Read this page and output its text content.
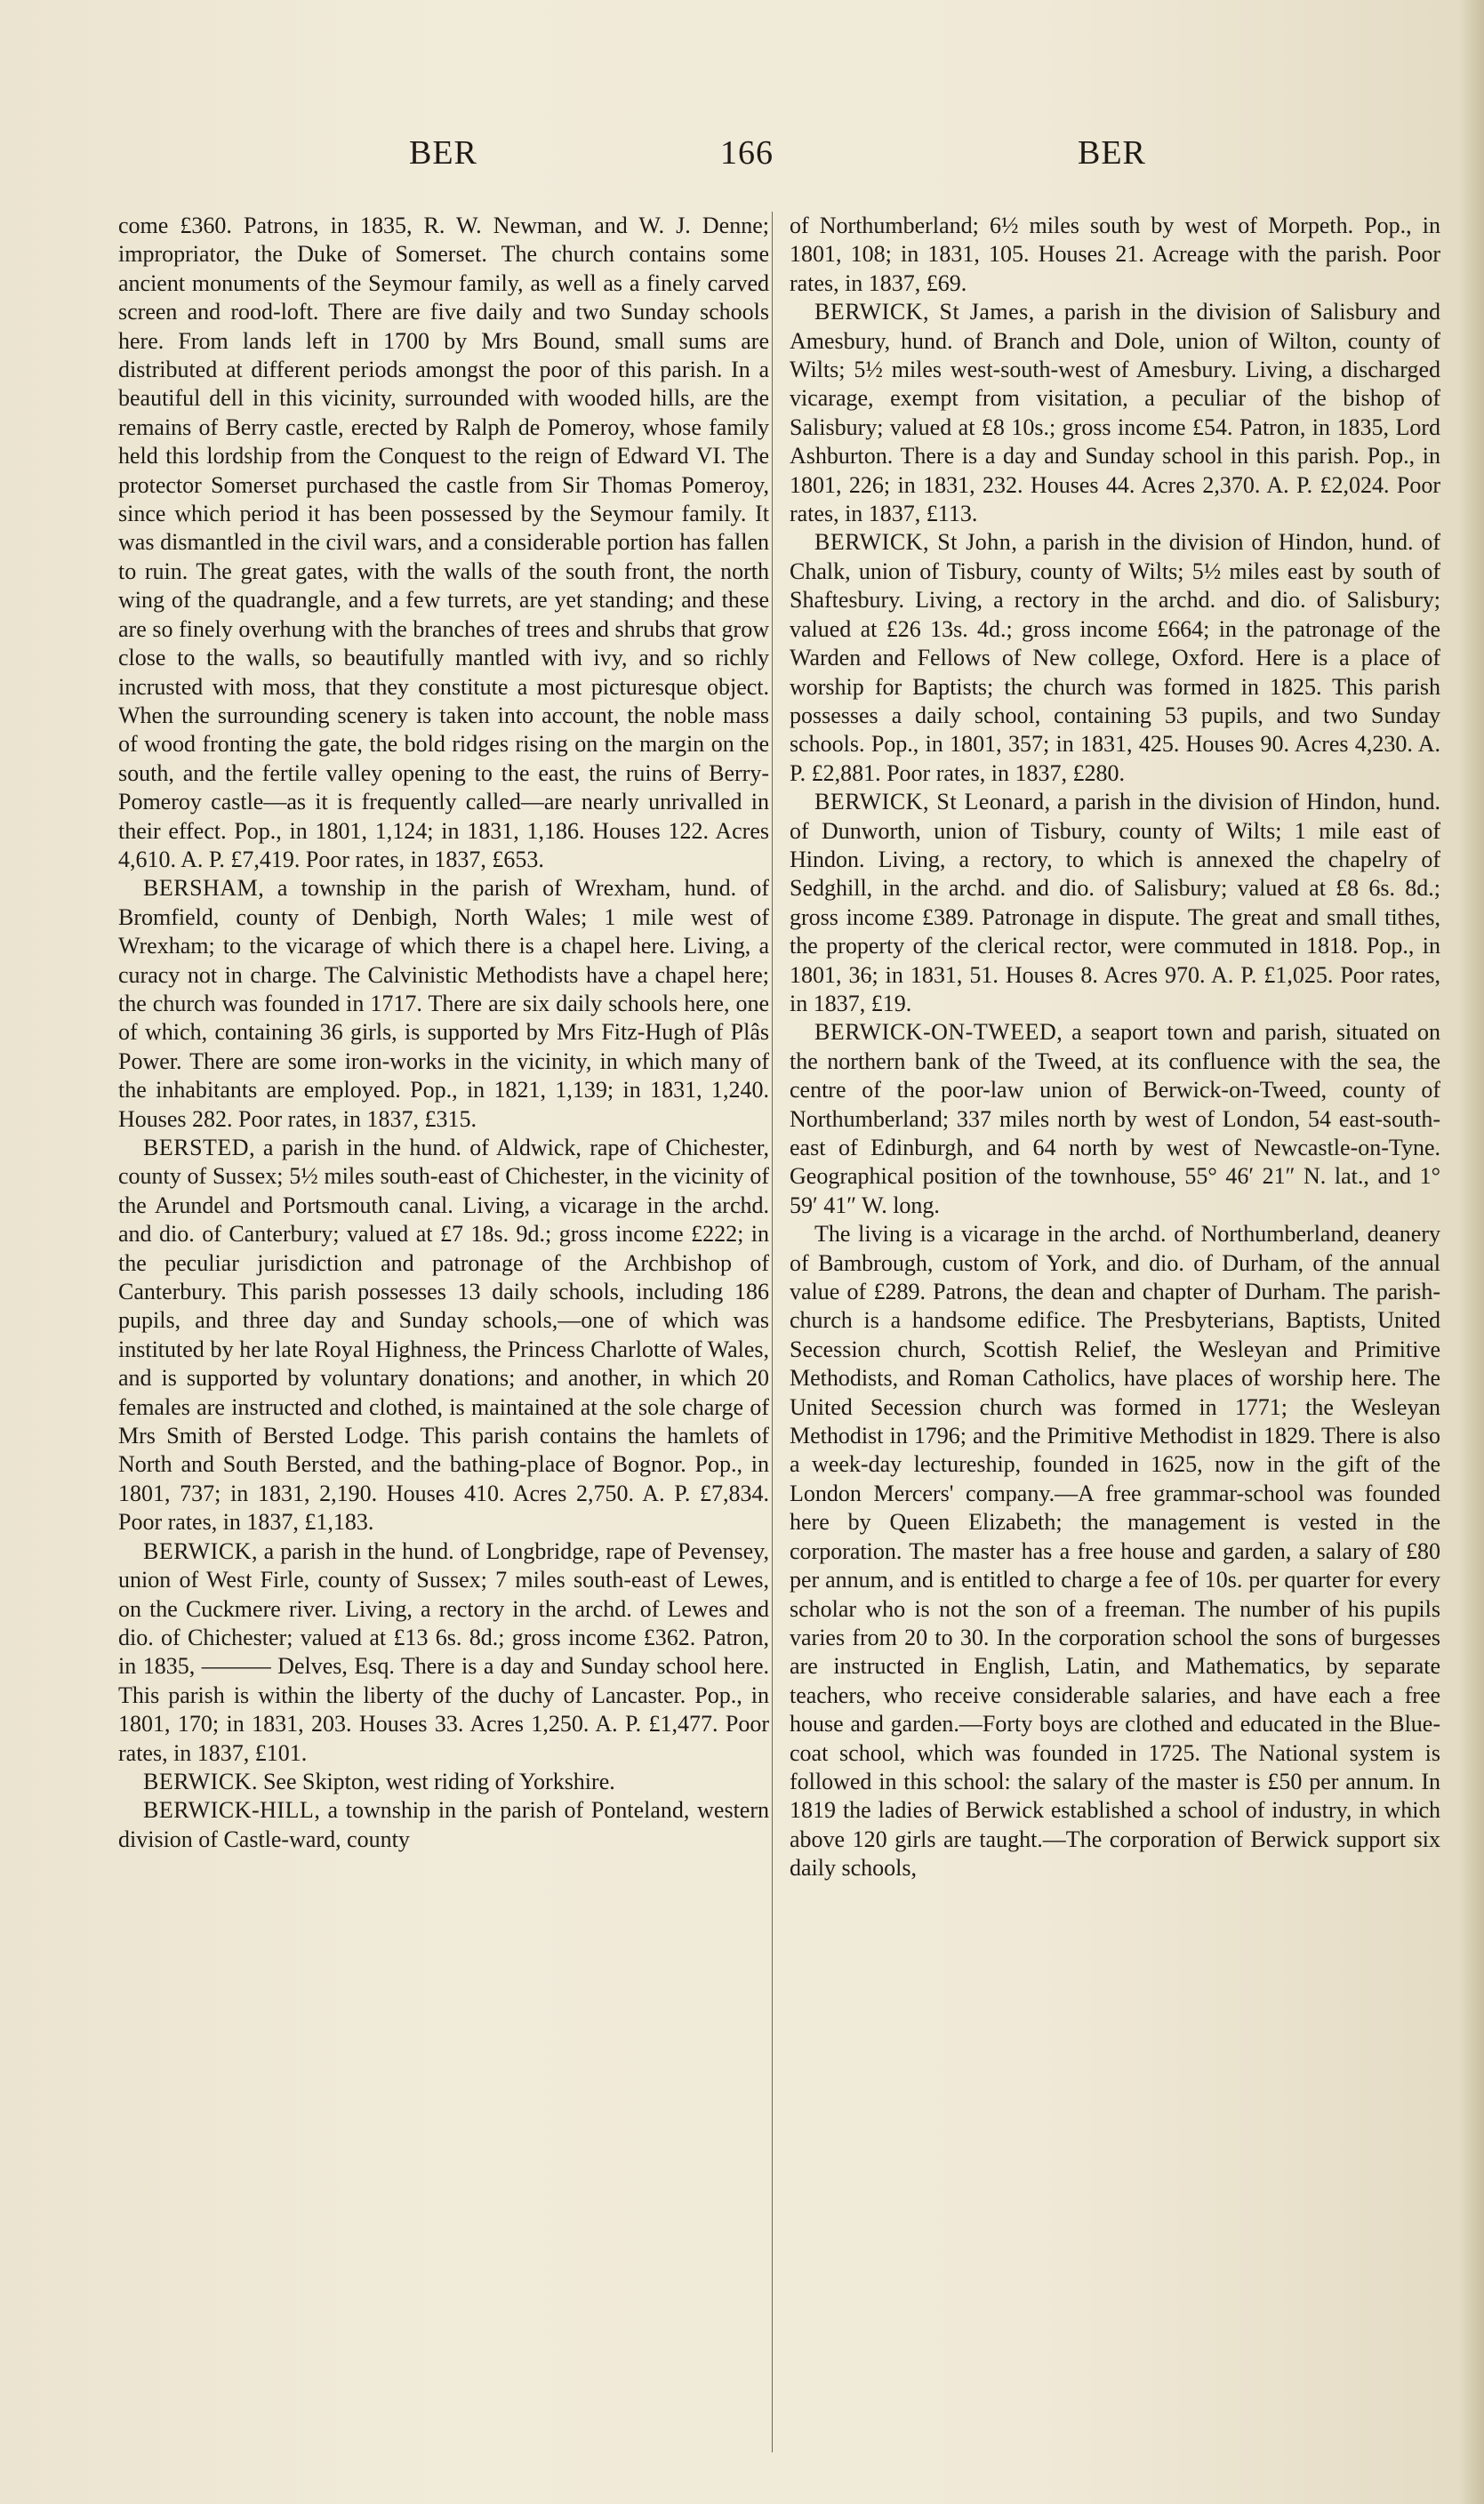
BER	166	BER

come £360. Patrons, in 1835, R. W. Newman, and W. J. Denne; impropriator, the Duke of Somerset. The church contains some ancient monuments of the Seymour family, as well as a finely carved screen and rood-loft. There are five daily and two Sunday schools here. From lands left in 1700 by Mrs Bound, small sums are distributed at different periods amongst the poor of this parish. In a beautiful dell in this vicinity, surrounded with wooded hills, are the remains of Berry castle, erected by Ralph de Pomeroy, whose family held this lordship from the Conquest to the reign of Edward VI. The protector Somerset purchased the castle from Sir Thomas Pomeroy, since which period it has been possessed by the Seymour family. It was dismantled in the civil wars, and a considerable portion has fallen to ruin. The great gates, with the walls of the south front, the north wing of the quadrangle, and a few turrets, are yet standing; and these are so finely overhung with the branches of trees and shrubs that grow close to the walls, so beautifully mantled with ivy, and so richly incrusted with moss, that they constitute a most picturesque object. When the surrounding scenery is taken into account, the noble mass of wood fronting the gate, the bold ridges rising on the margin on the south, and the fertile valley opening to the east, the ruins of Berry-Pomeroy castle—as it is frequently called—are nearly unrivalled in their effect. Pop., in 1801, 1,124; in 1831, 1,186. Houses 122. Acres 4,610. A. P. £7,419. Poor rates, in 1837, £653.

BERSHAM, a township in the parish of Wrexham, hund. of Bromfield, county of Denbigh, North Wales; 1 mile west of Wrexham; to the vicarage of which there is a chapel here. Living, a curacy not in charge. The Calvinistic Methodists have a chapel here; the church was founded in 1717. There are six daily schools here, one of which, containing 36 girls, is supported by Mrs Fitz-Hugh of Plâs Power. There are some iron-works in the vicinity, in which many of the inhabitants are employed. Pop., in 1821, 1,139; in 1831, 1,240. Houses 282. Poor rates, in 1837, £315.

BERSTED, a parish in the hund. of Aldwick, rape of Chichester, county of Sussex; 5½ miles south-east of Chichester, in the vicinity of the Arundel and Portsmouth canal. Living, a vicarage in the archd. and dio. of Canterbury; valued at £7 18s. 9d.; gross income £222; in the peculiar jurisdiction and patronage of the Archbishop of Canterbury. This parish possesses 13 daily schools, including 186 pupils, and three day and Sunday schools,—one of which was instituted by her late Royal Highness, the Princess Charlotte of Wales, and is supported by voluntary donations; and another, in which 20 females are instructed and clothed, is maintained at the sole charge of Mrs Smith of Bersted Lodge. This parish contains the hamlets of North and South Bersted, and the bathing-place of Bognor. Pop., in 1801, 737; in 1831, 2,190. Houses 410. Acres 2,750. A. P. £7,834. Poor rates, in 1837, £1,183.

BERWICK, a parish in the hund. of Longbridge, rape of Pevensey, union of West Firle, county of Sussex; 7 miles south-east of Lewes, on the Cuckmere river. Living, a rectory in the archd. of Lewes and dio. of Chichester; valued at £13 6s. 8d.; gross income £362. Patron, in 1835, ——— Delves, Esq. There is a day and Sunday school here. This parish is within the liberty of the duchy of Lancaster. Pop., in 1801, 170; in 1831, 203. Houses 33. Acres 1,250. A. P. £1,477. Poor rates, in 1837, £101.

BERWICK. See Skipton, west riding of Yorkshire.

BERWICK-HILL, a township in the parish of Ponteland, western division of Castle-ward, county

of Northumberland; 6½ miles south by west of Morpeth. Pop., in 1801, 108; in 1831, 105. Houses 21. Acreage with the parish. Poor rates, in 1837, £69.

BERWICK, St James, a parish in the division of Salisbury and Amesbury, hund. of Branch and Dole, union of Wilton, county of Wilts; 5½ miles west-south-west of Amesbury. Living, a discharged vicarage, exempt from visitation, a peculiar of the bishop of Salisbury; valued at £8 10s.; gross income £54. Patron, in 1835, Lord Ashburton. There is a day and Sunday school in this parish. Pop., in 1801, 226; in 1831, 232. Houses 44. Acres 2,370. A. P. £2,024. Poor rates, in 1837, £113.

BERWICK, St John, a parish in the division of Hindon, hund. of Chalk, union of Tisbury, county of Wilts; 5½ miles east by south of Shaftesbury. Living, a rectory in the archd. and dio. of Salisbury; valued at £26 13s. 4d.; gross income £664; in the patronage of the Warden and Fellows of New college, Oxford. Here is a place of worship for Baptists; the church was formed in 1825. This parish possesses a daily school, containing 53 pupils, and two Sunday schools. Pop., in 1801, 357; in 1831, 425. Houses 90. Acres 4,230. A. P. £2,881. Poor rates, in 1837, £280.

BERWICK, St Leonard, a parish in the division of Hindon, hund. of Dunworth, union of Tisbury, county of Wilts; 1 mile east of Hindon. Living, a rectory, to which is annexed the chapelry of Sedghill, in the archd. and dio. of Salisbury; valued at £8 6s. 8d.; gross income £389. Patronage in dispute. The great and small tithes, the property of the clerical rector, were commuted in 1818. Pop., in 1801, 36; in 1831, 51. Houses 8. Acres 970. A. P. £1,025. Poor rates, in 1837, £19.

BERWICK-ON-TWEED, a seaport town and parish, situated on the northern bank of the Tweed, at its confluence with the sea, the centre of the poor-law union of Berwick-on-Tweed, county of Northumberland; 337 miles north by west of London, 54 east-south-east of Edinburgh, and 64 north by west of Newcastle-on-Tyne. Geographical position of the townhouse, 55° 46′ 21″ N. lat., and 1° 59′ 41″ W. long.

The living is a vicarage in the archd. of Northumberland, deanery of Bambrough, custom of York, and dio. of Durham, of the annual value of £289. Patrons, the dean and chapter of Durham. The parish-church is a handsome edifice. The Presbyterians, Baptists, United Secession church, Scottish Relief, the Wesleyan and Primitive Methodists, and Roman Catholics, have places of worship here. The United Secession church was formed in 1771; the Wesleyan Methodist in 1796; and the Primitive Methodist in 1829. There is also a week-day lectureship, founded in 1625, now in the gift of the London Mercers' company.—A free grammar-school was founded here by Queen Elizabeth; the management is vested in the corporation. The master has a free house and garden, a salary of £80 per annum, and is entitled to charge a fee of 10s. per quarter for every scholar who is not the son of a freeman. The number of his pupils varies from 20 to 30. In the corporation school the sons of burgesses are instructed in English, Latin, and Mathematics, by separate teachers, who receive considerable salaries, and have each a free house and garden.—Forty boys are clothed and educated in the Blue-coat school, which was founded in 1725. The National system is followed in this school: the salary of the master is £50 per annum. In 1819 the ladies of Berwick established a school of industry, in which above 120 girls are taught.—The corporation of Berwick support six daily schools,
